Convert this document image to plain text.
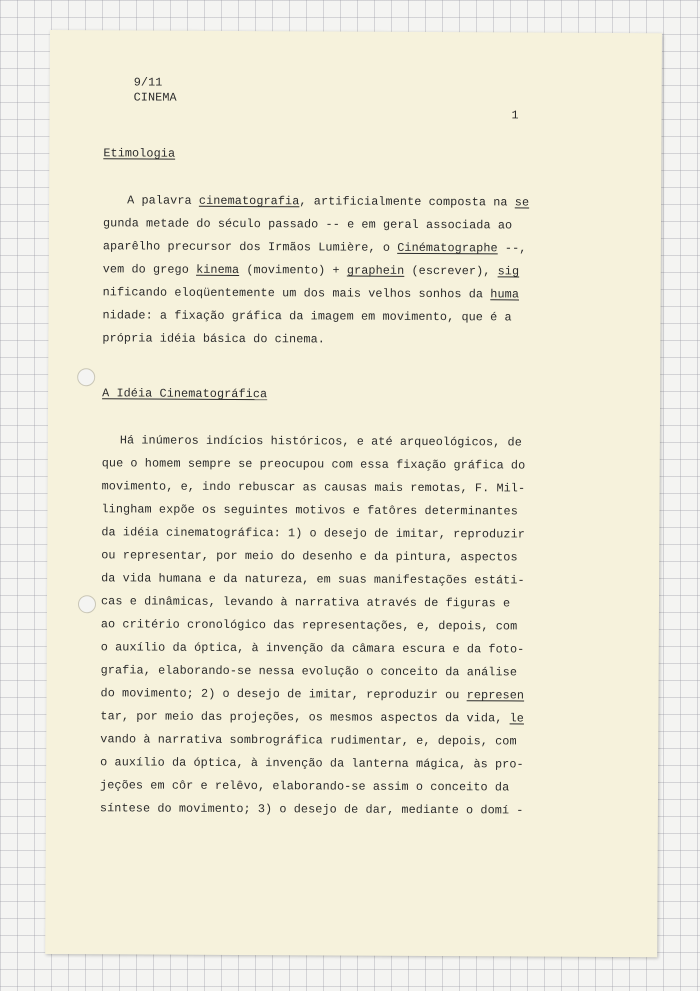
9/11
CINEMA
1
Etimologia
A palavra cinematografia, artificialmente composta na se
gunda metade do século passado -- e em geral associada ao
aparêlho precursor dos Irmãos Lumière, o Cinématographe --,
vem do grego kinema (movimento) + graphein (escrever), sig
nificando eloqüentemente um dos mais velhos sonhos da huma
nidade: a fixação gráfica da imagem em movimento, que é a
própria idéia básica do cinema.
A Idéia Cinematográfica
Há inúmeros indícios históricos, e até arqueológicos, de
que o homem sempre se preocupou com essa fixação gráfica do
movimento, e, indo rebuscar as causas mais remotas, F. Mil-
lingham expõe os seguintes motivos e fatôres determinantes
da idéia cinematográfica: 1) o desejo de imitar, reproduzir
ou representar, por meio do desenho e da pintura, aspectos
da vida humana e da natureza, em suas manifestações estáti-
cas e dinâmicas, levando à narrativa através de figuras e
ao critério cronológico das representações, e, depois, com
o auxílio da óptica, à invenção da câmara escura e da foto-
grafia, elaborando-se nessa evolução o conceito da análise
do movimento; 2) o desejo de imitar, reproduzir ou represen
tar, por meio das projeções, os mesmos aspectos da vida, le
vando à narrativa sombrográfica rudimentar, e, depois, com
o auxílio da óptica, à invenção da lanterna mágica, às pro-
jeções em côr e relêvo, elaborando-se assim o conceito da
síntese do movimento; 3) o desejo de dar, mediante o domí -
